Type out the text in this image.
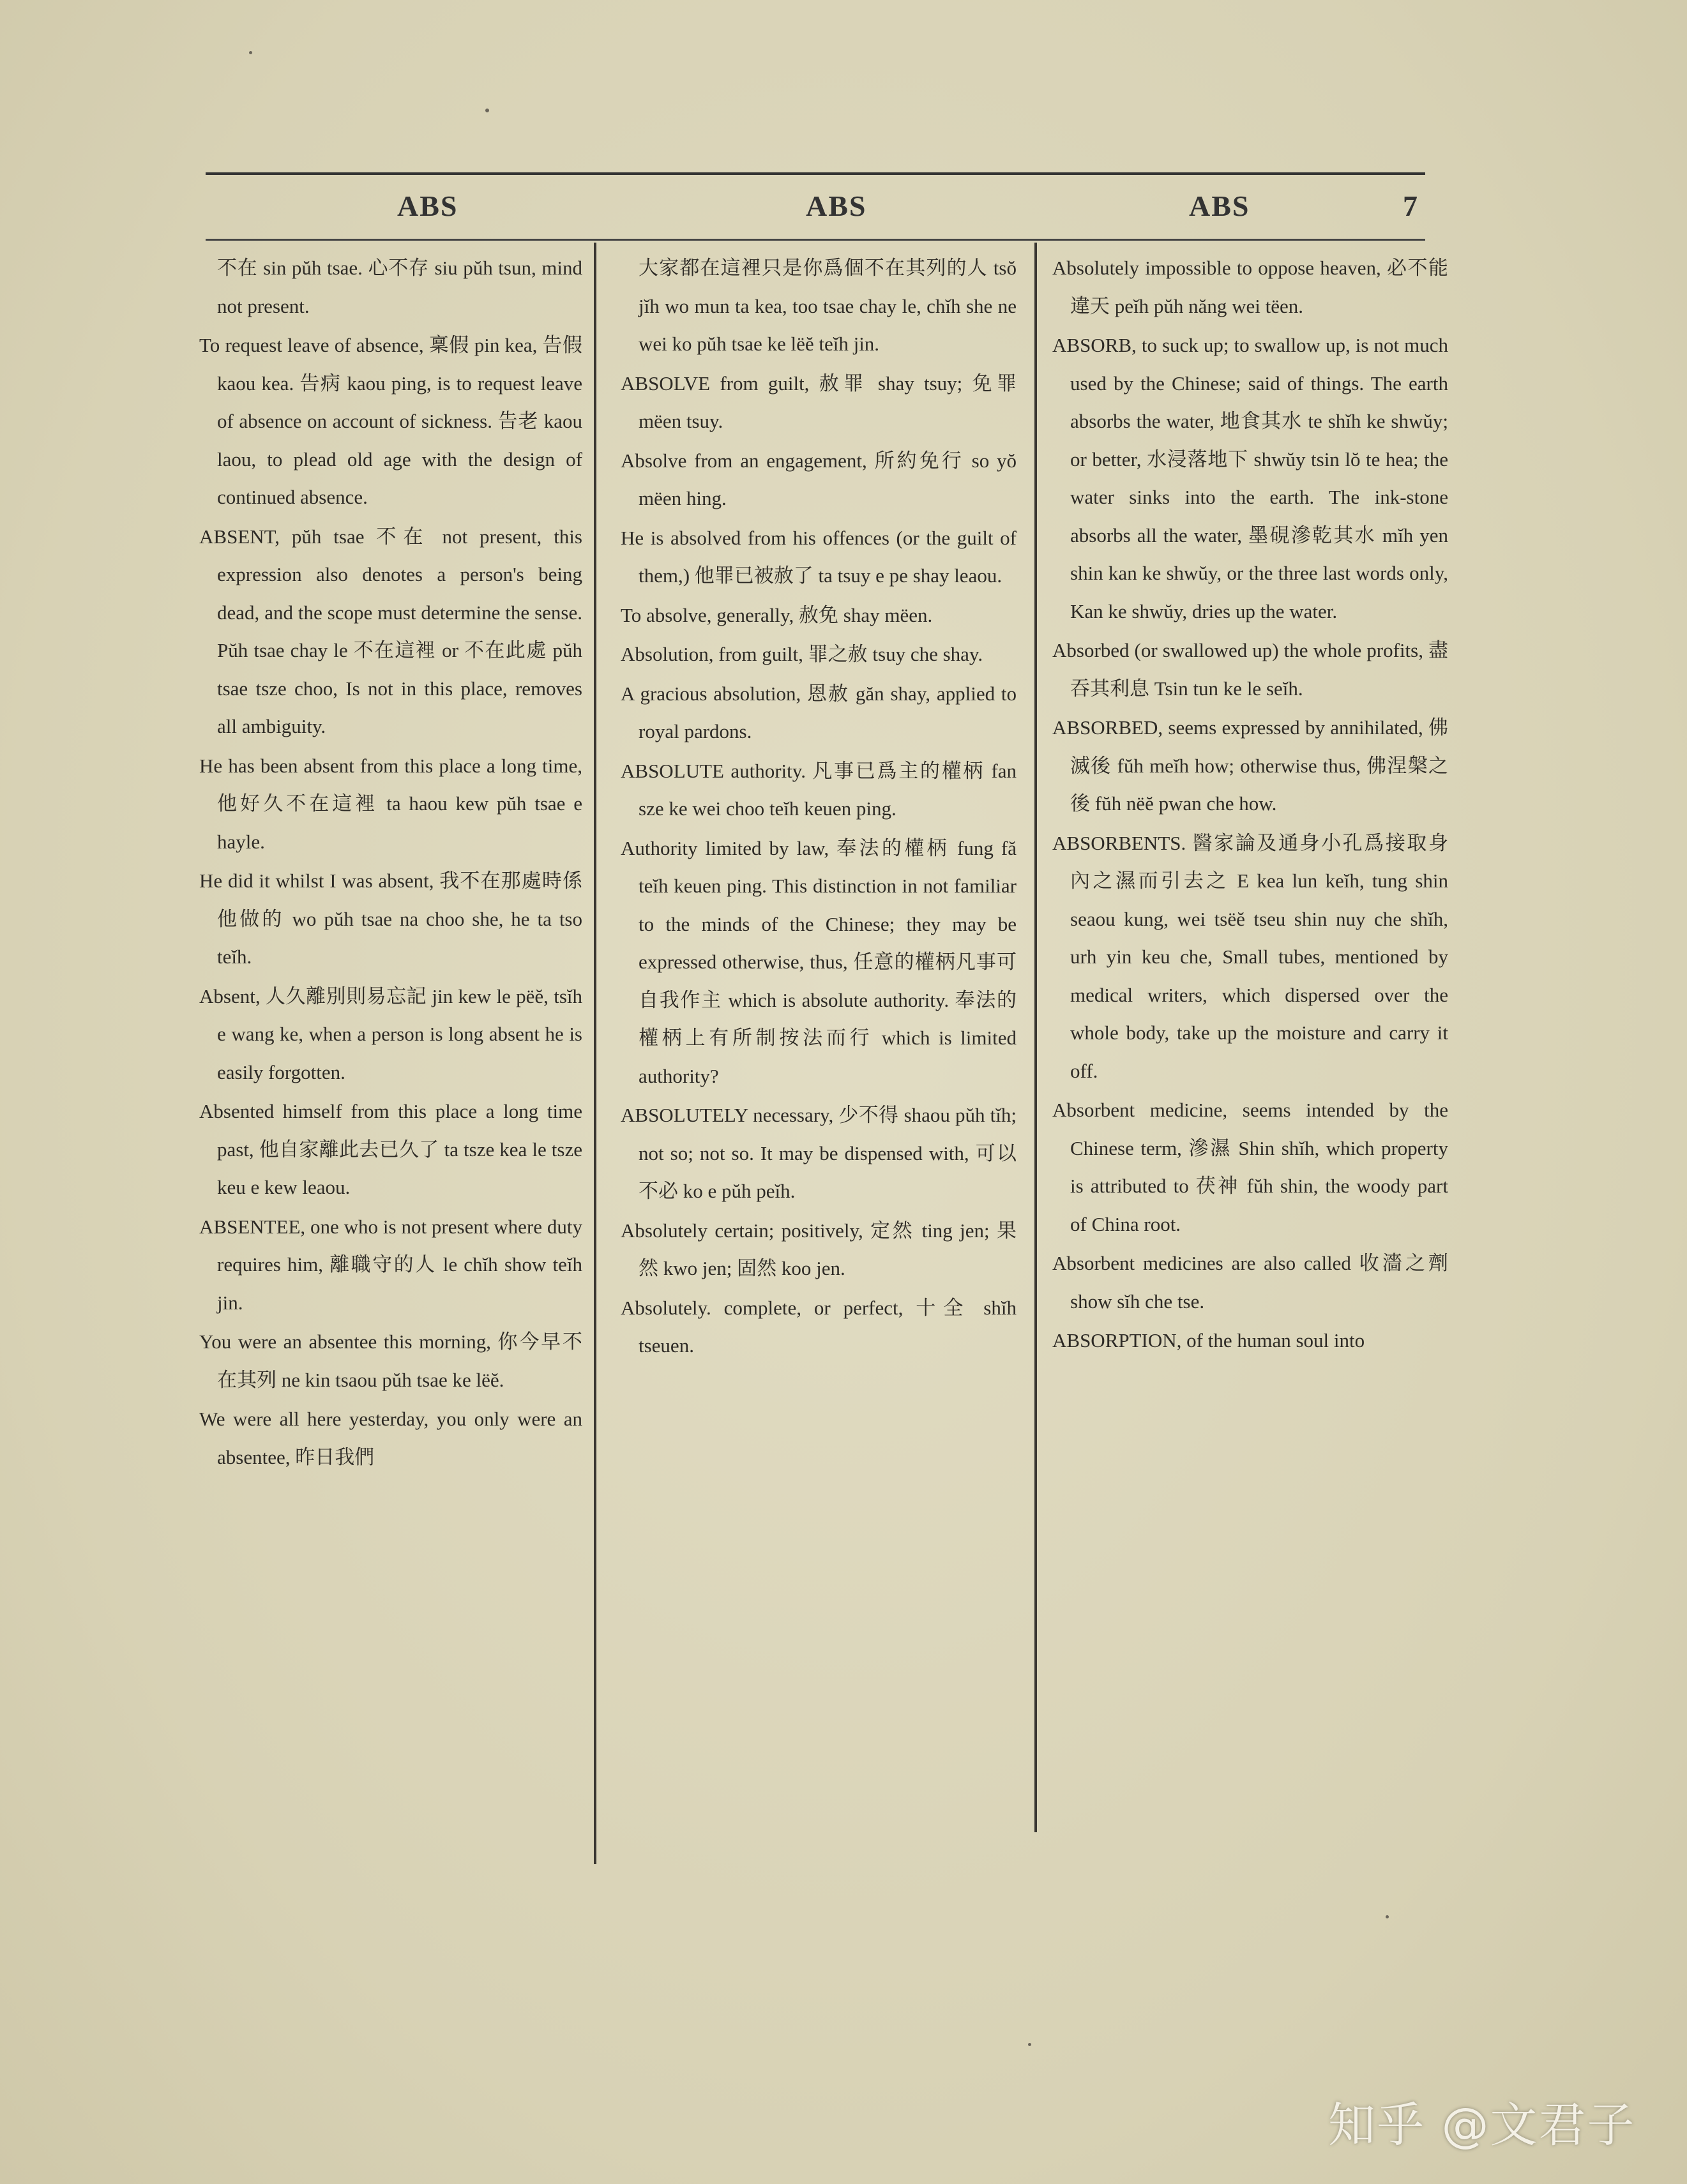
ABS	ABS	ABS	7

不在 sin pŭh tsae. 心不存 siu pŭh tsun, mind not present.

To request leave of absence, 稟假 pin kea, 告假 kaou kea. 告病 kaou ping, is to request leave of absence on account of sickness. 告老 kaou laou, to plead old age with the design of continued absence.

ABSENT, pŭh tsae 不在 not present, this expression also denotes a person's being dead, and the scope must determine the sense. Pŭh tsae chay le 不在這裡 or 不在此處 pŭh tsae tsze choo, Is not in this place, removes all ambiguity.

He has been absent from this place a long time, 他好久不在這裡 ta haou kew pŭh tsae e hayle.

He did it whilst I was absent, 我不在那處時係他做的 wo pŭh tsae na choo she, he ta tso teĭh.

Absent, 人久離別則易忘記 jin kew le pëĕ, tsĭh e wang ke, when a person is long absent he is easily forgotten.

Absented himself from this place a long time past, 他自家離此去已久了 ta tsze kea le tsze keu e kew leaou.

ABSENTEE, one who is not present where duty requires him, 離職守的人 le chĭh show teĭh jin.

You were an absentee this morning, 你今早不在其列 ne kin tsaou pŭh tsae ke lëĕ.

We were all here yesterday, you only were an absentee, 昨日我們

大家都在這裡只是你爲個不在其列的人 tsŏ jĭh wo mun ta kea, too tsae chay le, chĭh she ne wei ko pŭh tsae ke lëĕ teĭh jin.

ABSOLVE from guilt, 赦罪 shay tsuy; 免罪 mëen tsuy.

Absolve from an engagement, 所約免行 so yŏ mëen hing.

He is absolved from his offences (or the guilt of them,) 他罪已被赦了 ta tsuy e pe shay leaou.

To absolve, generally, 赦免 shay mëen.

Absolution, from guilt, 罪之赦 tsuy che shay.

A gracious absolution, 恩赦 găn shay, applied to royal pardons.

ABSOLUTE authority. 凡事已爲主的權柄 fan sze ke wei choo teĭh keuen ping.

Authority limited by law, 奉法的權柄 fung fă teĭh keuen ping. This distinction in not familiar to the minds of the Chinese; they may be expressed otherwise, thus, 任意的權柄凡事可自我作主 which is absolute authority. 奉法的權柄上有所制按法而行 which is limited authority?

ABSOLUTELY necessary, 少不得 shaou pŭh tĭh; not so; not so. It may be dispensed with, 可以不必 ko e pŭh peĭh.

Absolutely certain; positively, 定然 ting jen; 果然 kwo jen; 固然 koo jen.

Absolutely. complete, or perfect, 十全 shĭh tseuen.

Absolutely impossible to oppose heaven, 必不能違天 peĭh pŭh năng wei tëen.

ABSORB, to suck up; to swallow up, is not much used by the Chinese; said of things. The earth absorbs the water, 地食其水 te shĭh ke shwŭy; or better, 水浸落地下 shwŭy tsin lŏ te hea; the water sinks into the earth. The ink-stone absorbs all the water, 墨硯滲乾其水 mĭh yen shin kan ke shwŭy, or the three last words only, Kan ke shwŭy, dries up the water.

Absorbed (or swallowed up) the whole profits, 盡吞其利息 Tsin tun ke le seĭh.

ABSORBED, seems expressed by annihilated, 佛滅後 fŭh meĭh how; otherwise thus, 佛涅槃之後 fŭh nëĕ pwan che how.

ABSORBENTS. 醫家論及通身小孔爲接取身內之濕而引去之 E kea lun keĭh, tung shin seaou kung, wei tsëĕ tseu shin nuy che shĭh, urh yin keu che, Small tubes, mentioned by medical writers, which dispersed over the whole body, take up the moisture and carry it off.

Absorbent medicine, seems intended by the Chinese term, 滲濕 Shin shĭh, which property is attributed to 茯神 fŭh shin, the woody part of China root.

Absorbent medicines are also called 收濇之劑 show sĭh che tse.

ABSORPTION, of the human soul into

知乎 @文君子
